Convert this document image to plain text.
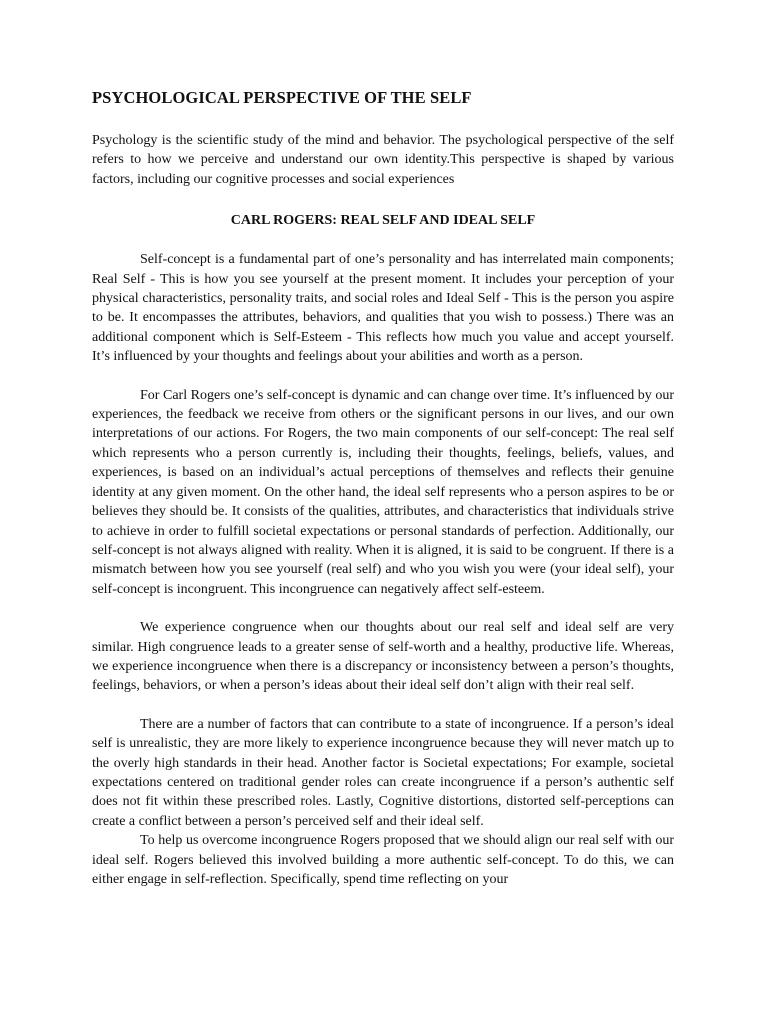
PSYCHOLOGICAL PERSPECTIVE OF THE SELF

Psychology is the scientific study of the mind and behavior. The psychological perspective of the self refers to how we perceive and understand our own identity.This perspective is shaped by various factors, including our cognitive processes and social experiences

CARL ROGERS: REAL SELF AND IDEAL SELF

Self-concept is a fundamental part of one’s personality and has interrelated main components; Real Self - This is how you see yourself at the present moment. It includes your perception of your physical characteristics, personality traits, and social roles and Ideal Self - This is the person you aspire to be. It encompasses the attributes, behaviors, and qualities that you wish to possess.) There was an additional component which is Self-Esteem - This reflects how much you value and accept yourself. It’s influenced by your thoughts and feelings about your abilities and worth as a person.

For Carl Rogers one’s self-concept is dynamic and can change over time. It’s influenced by our experiences, the feedback we receive from others or the significant persons in our lives, and our own interpretations of our actions. For Rogers, the two main components of our self-concept: The real self which represents who a person currently is, including their thoughts, feelings, beliefs, values, and experiences, is based on an individual’s actual perceptions of themselves and reflects their genuine identity at any given moment. On the other hand, the ideal self represents who a person aspires to be or believes they should be. It consists of the qualities, attributes, and characteristics that individuals strive to achieve in order to fulfill societal expectations or personal standards of perfection. Additionally, our self-concept is not always aligned with reality. When it is aligned, it is said to be congruent. If there is a mismatch between how you see yourself (real self) and who you wish you were (your ideal self), your self-concept is incongruent. This incongruence can negatively affect self-esteem.

We experience congruence when our thoughts about our real self and ideal self are very similar. High congruence leads to a greater sense of self-worth and a healthy, productive life. Whereas, we experience incongruence when there is a discrepancy or inconsistency between a person’s thoughts, feelings, behaviors, or when a person’s ideas about their ideal self don’t align with their real self.

There are a number of factors that can contribute to a state of incongruence. If a person’s ideal self is unrealistic, they are more likely to experience incongruence because they will never match up to the overly high standards in their head. Another factor is Societal expectations; For example, societal expectations centered on traditional gender roles can create incongruence if a person’s authentic self does not fit within these prescribed roles. Lastly, Cognitive distortions, distorted self-perceptions can create a conflict between a person’s perceived self and their ideal self.

To help us overcome incongruence Rogers proposed that we should align our real self with our ideal self. Rogers believed this involved building a more authentic self-concept. To do this, we can either engage in self-reflection. Specifically, spend time reflecting on your
